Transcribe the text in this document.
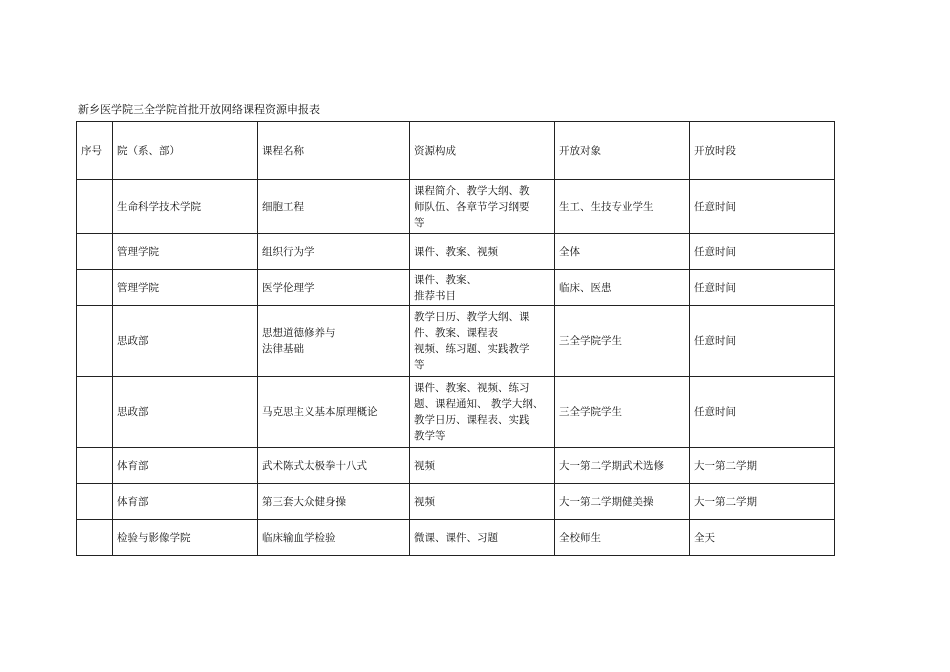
新乡医学院三全学院首批开放网络课程资源申报表
序号	院（系、部）	课程名称	资源构成	开放对象	开放时段
	生命科学技术学院	细胞工程	课程简介、教学大纲、教
师队伍、各章节学习纲要
等	生工、生技专业学生	任意时间
	管理学院	组织行为学	课件、教案、视频	全体	任意时间
	管理学院	医学伦理学	课件、教案、
推荐书目	临床、医患	任意时间
	思政部	思想道德修养与
法律基础	教学日历、教学大纲、课
件、教案、课程表
视频、练习题、实践教学
等	三全学院学生	任意时间
	思政部	马克思主义基本原理概论	课件、教案、视频、练习
题、课程通知、 教学大纲、
教学日历、课程表、实践
教学等	三全学院学生	任意时间
	体育部	武术陈式太极拳十八式	视频	大一第二学期武术选修	大一第二学期
	体育部	第三套大众健身操	视频	大一第二学期健美操	大一第二学期
	检验与影像学院	临床输血学检验	微课、课件、习题	全校师生	全天
